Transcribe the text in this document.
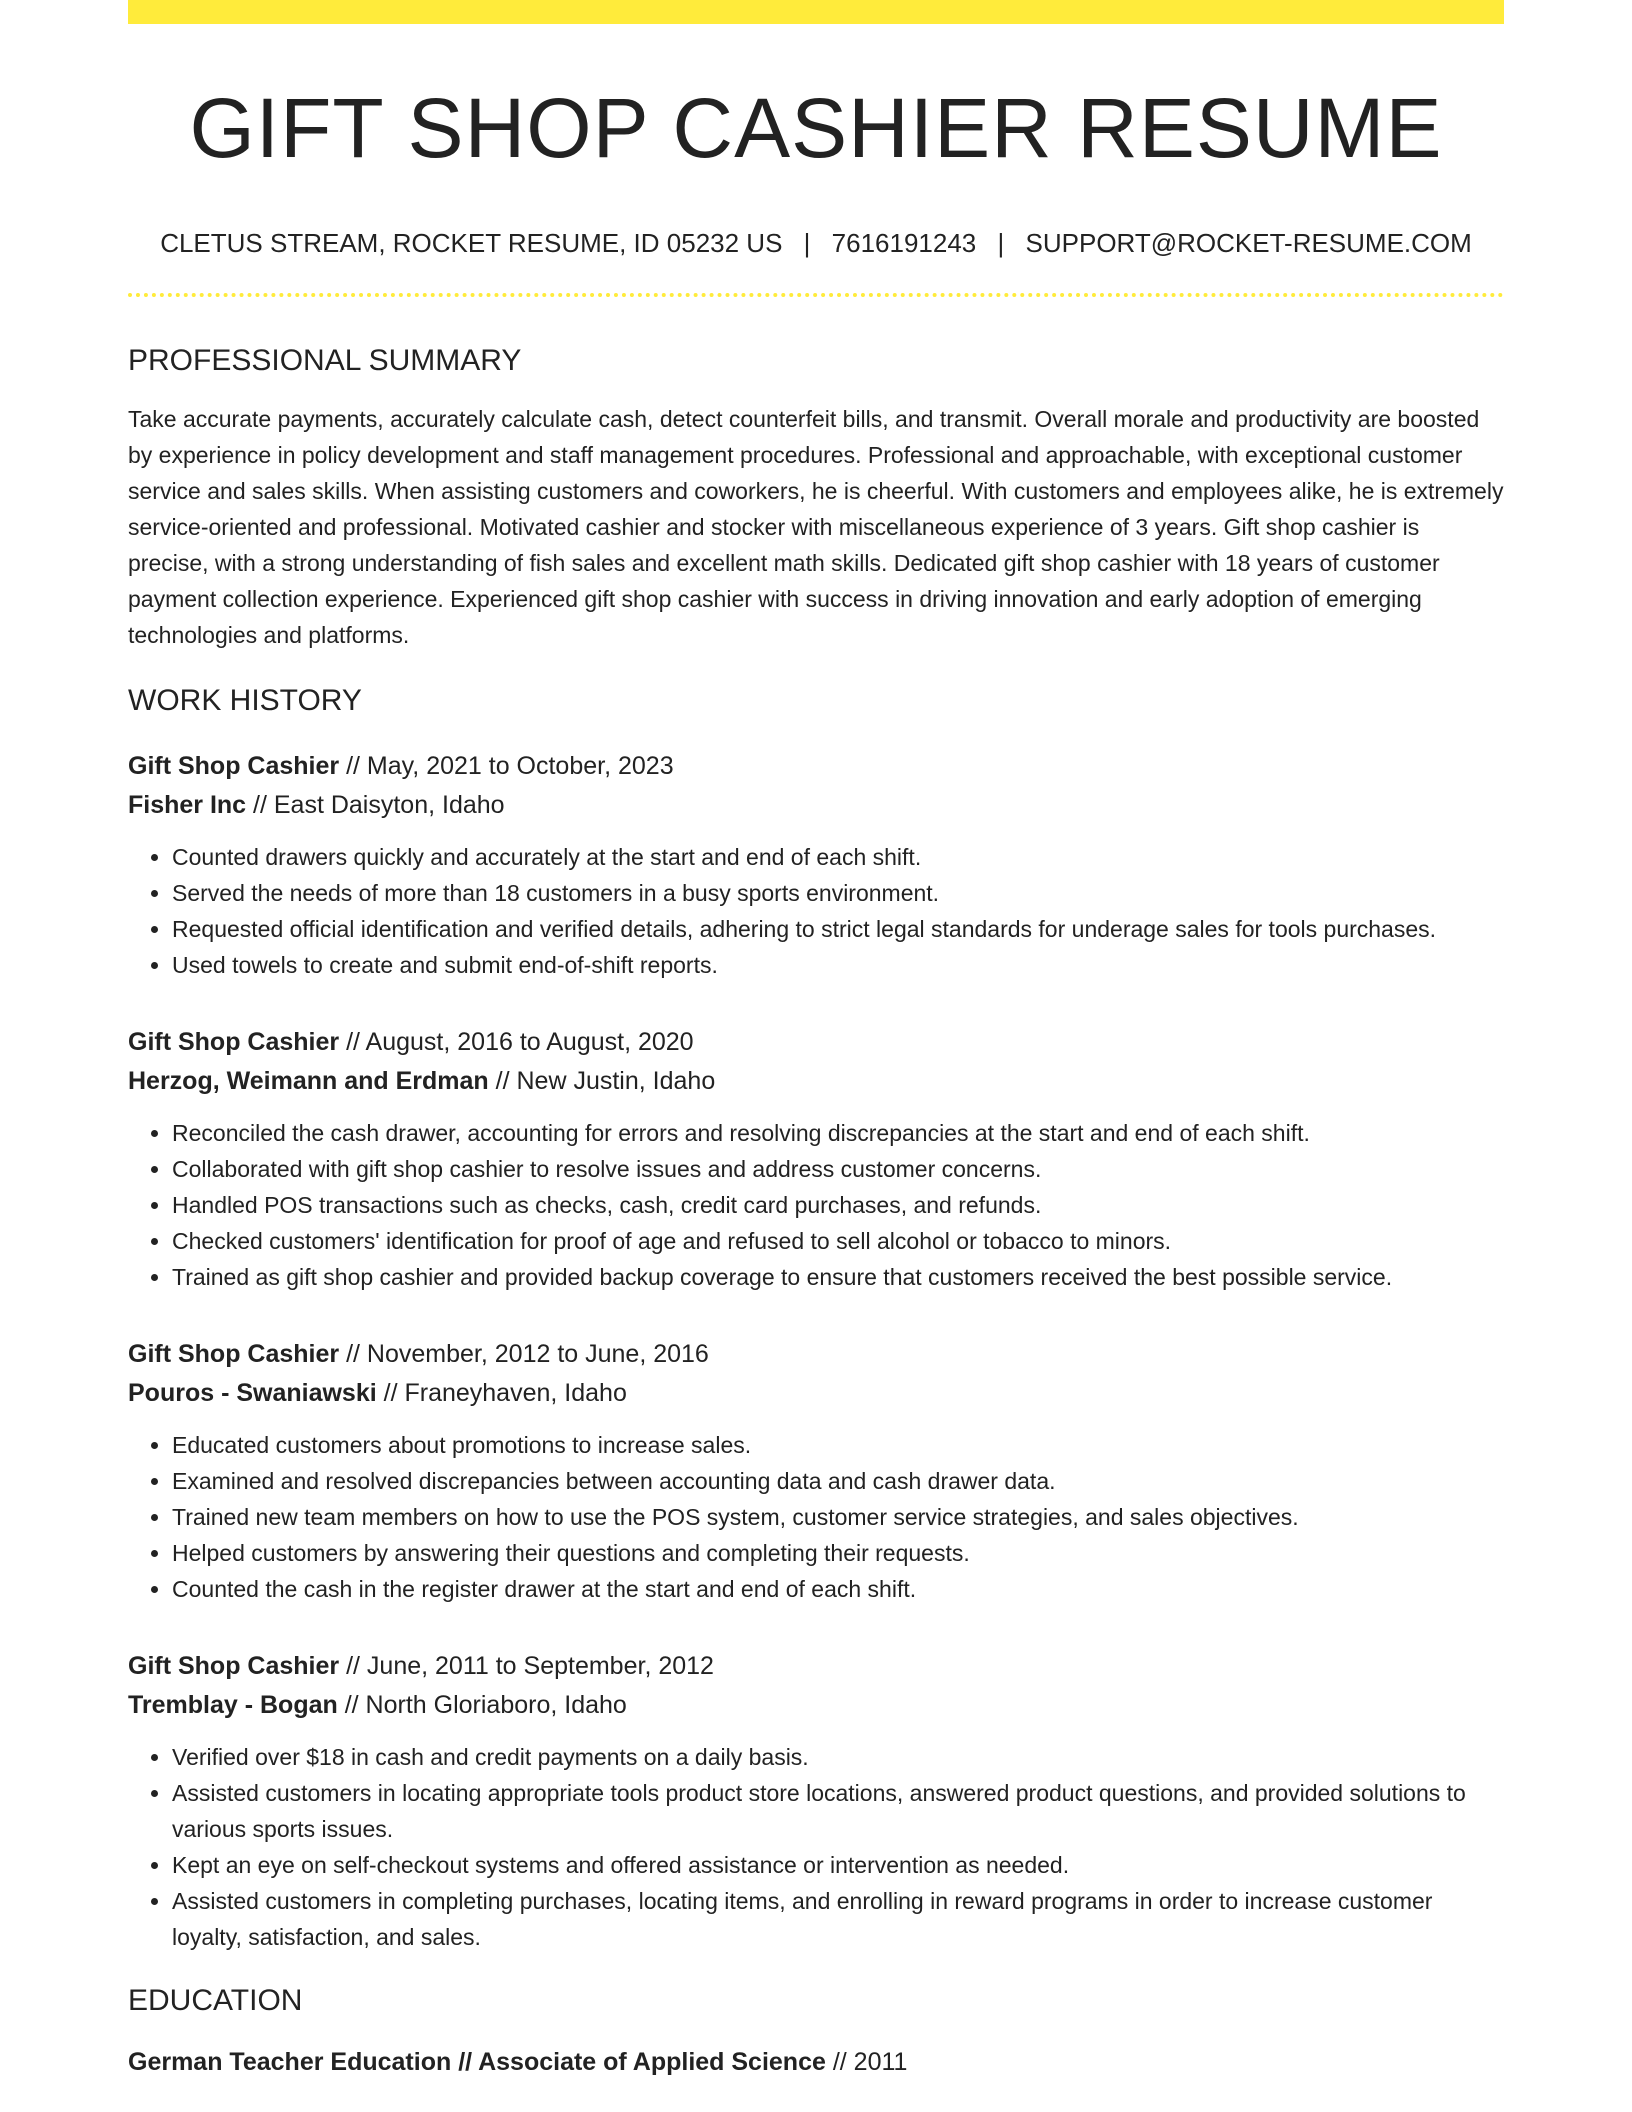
GIFT SHOP CASHIER RESUME
CLETUS STREAM, ROCKET RESUME, ID 05232 US | 7616191243 | SUPPORT@ROCKET-RESUME.COM
PROFESSIONAL SUMMARY

Take accurate payments, accurately calculate cash, detect counterfeit bills, and transmit. Overall morale and productivity are boosted by experience in policy development and staff management procedures. Professional and approachable, with exceptional customer service and sales skills. When assisting customers and coworkers, he is cheerful. With customers and employees alike, he is extremely service-oriented and professional. Motivated cashier and stocker with miscellaneous experience of 3 years. Gift shop cashier is precise, with a strong understanding of fish sales and excellent math skills. Dedicated gift shop cashier with 18 years of customer payment collection experience. Experienced gift shop cashier with success in driving innovation and early adoption of emerging technologies and platforms.

WORK HISTORY
Gift Shop Cashier // May, 2021 to October, 2023
Fisher Inc // East Daisyton, Idaho
• Counted drawers quickly and accurately at the start and end of each shift.
• Served the needs of more than 18 customers in a busy sports environment.
• Requested official identification and verified details, adhering to strict legal standards for underage sales for tools purchases.
• Used towels to create and submit end-of-shift reports.
Gift Shop Cashier // August, 2016 to August, 2020
Herzog, Weimann and Erdman // New Justin, Idaho
• Reconciled the cash drawer, accounting for errors and resolving discrepancies at the start and end of each shift.
• Collaborated with gift shop cashier to resolve issues and address customer concerns.
• Handled POS transactions such as checks, cash, credit card purchases, and refunds.
• Checked customers' identification for proof of age and refused to sell alcohol or tobacco to minors.
• Trained as gift shop cashier and provided backup coverage to ensure that customers received the best possible service.
Gift Shop Cashier // November, 2012 to June, 2016
Pouros - Swaniawski // Franeyhaven, Idaho
• Educated customers about promotions to increase sales.
• Examined and resolved discrepancies between accounting data and cash drawer data.
• Trained new team members on how to use the POS system, customer service strategies, and sales objectives.
• Helped customers by answering their questions and completing their requests.
• Counted the cash in the register drawer at the start and end of each shift.
Gift Shop Cashier // June, 2011 to September, 2012
Tremblay - Bogan // North Gloriaboro, Idaho
• Verified over $18 in cash and credit payments on a daily basis.
• Assisted customers in locating appropriate tools product store locations, answered product questions, and provided solutions to various sports issues.
• Kept an eye on self-checkout systems and offered assistance or intervention as needed.
• Assisted customers in completing purchases, locating items, and enrolling in reward programs in order to increase customer loyalty, satisfaction, and sales.
EDUCATION
German Teacher Education // Associate of Applied Science // 2011
